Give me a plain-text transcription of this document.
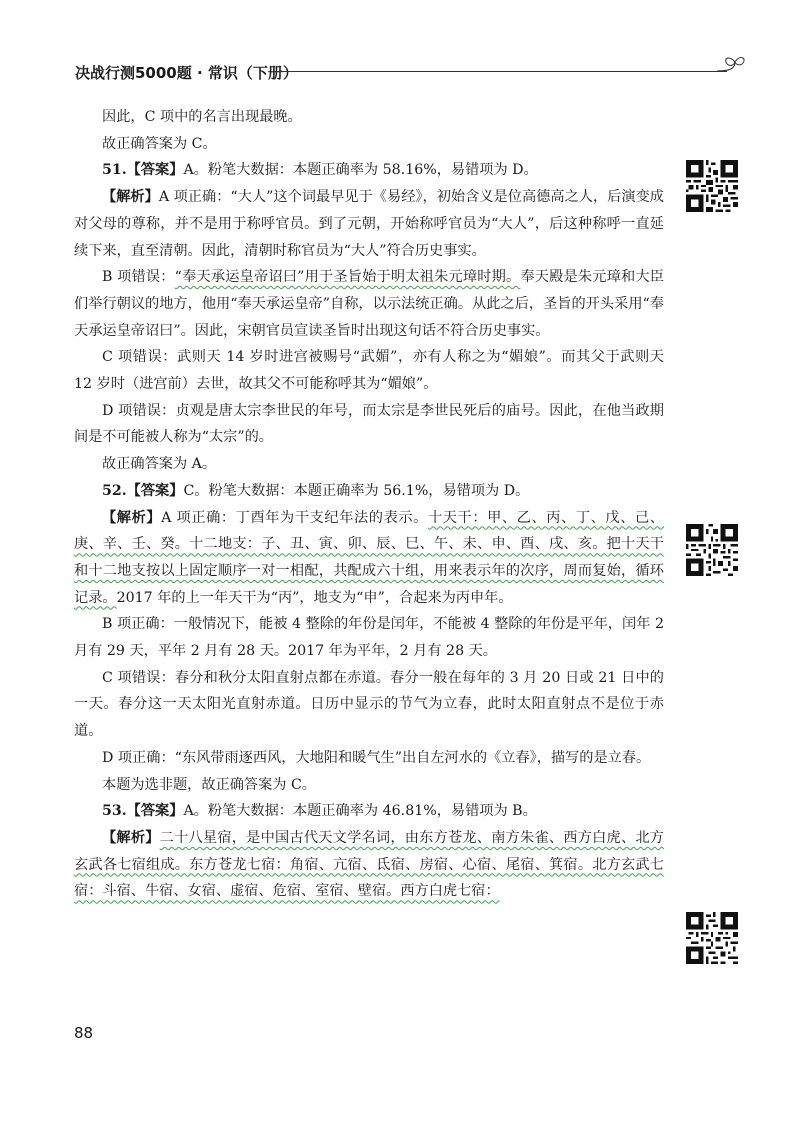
决战行测5000题 · 常识（下册）

因此，C 项中的名言出现最晚。

故正确答案为 C。

51.【答案】A。粉笔大数据：本题正确率为 58.16%，易错项为 D。

【解析】A 项正确：“大人”这个词最早见于《易经》，初始含义是位高德高之人，后演变成对父母的尊称，并不是用于称呼官员。到了元朝，开始称呼官员为“大人”，后这种称呼一直延续下来，直至清朝。因此，清朝时称官员为“大人”符合历史事实。

B 项错误：“奉天承运皇帝诏曰”用于圣旨始于明太祖朱元璋时期。奉天殿是朱元璋和大臣们举行朝议的地方，他用“奉天承运皇帝”自称，以示法统正确。从此之后，圣旨的开头采用“奉天承运皇帝诏曰”。因此，宋朝官员宣读圣旨时出现这句话不符合历史事实。

C 项错误：武则天 14 岁时进宫被赐号“武媚”，亦有人称之为“媚娘”。而其父于武则天 12 岁时（进宫前）去世，故其父不可能称呼其为“媚娘”。

D 项错误：贞观是唐太宗李世民的年号，而太宗是李世民死后的庙号。因此，在他当政期间是不可能被人称为“太宗”的。

故正确答案为 A。

52.【答案】C。粉笔大数据：本题正确率为 56.1%，易错项为 D。

【解析】A 项正确：丁酉年为干支纪年法的表示。十天干：甲、乙、丙、丁、戊、己、庚、辛、壬、癸。十二地支：子、丑、寅、卯、辰、巳、午、未、申、酉、戌、亥。把十天干和十二地支按以上固定顺序一对一相配，共配成六十组，用来表示年的次序，周而复始，循环记录。2017 年的上一年天干为“丙”，地支为“申”，合起来为丙申年。

B 项正确：一般情况下，能被 4 整除的年份是闰年，不能被 4 整除的年份是平年，闰年 2 月有 29 天，平年 2 月有 28 天。2017 年为平年，2 月有 28 天。

C 项错误：春分和秋分太阳直射点都在赤道。春分一般在每年的 3 月 20 日或 21 日中的一天。春分这一天太阳光直射赤道。日历中显示的节气为立春，此时太阳直射点不是位于赤道。

D 项正确：“东风带雨逐西风，大地阳和暖气生”出自左河水的《立春》，描写的是立春。

本题为选非题，故正确答案为 C。

53.【答案】A。粉笔大数据：本题正确率为 46.81%，易错项为 B。

【解析】二十八星宿，是中国古代天文学名词，由东方苍龙、南方朱雀、西方白虎、北方玄武各七宿组成。东方苍龙七宿：角宿、亢宿、氐宿、房宿、心宿、尾宿、箕宿。北方玄武七宿：斗宿、牛宿、女宿、虚宿、危宿、室宿、壁宿。西方白虎七宿：

88
